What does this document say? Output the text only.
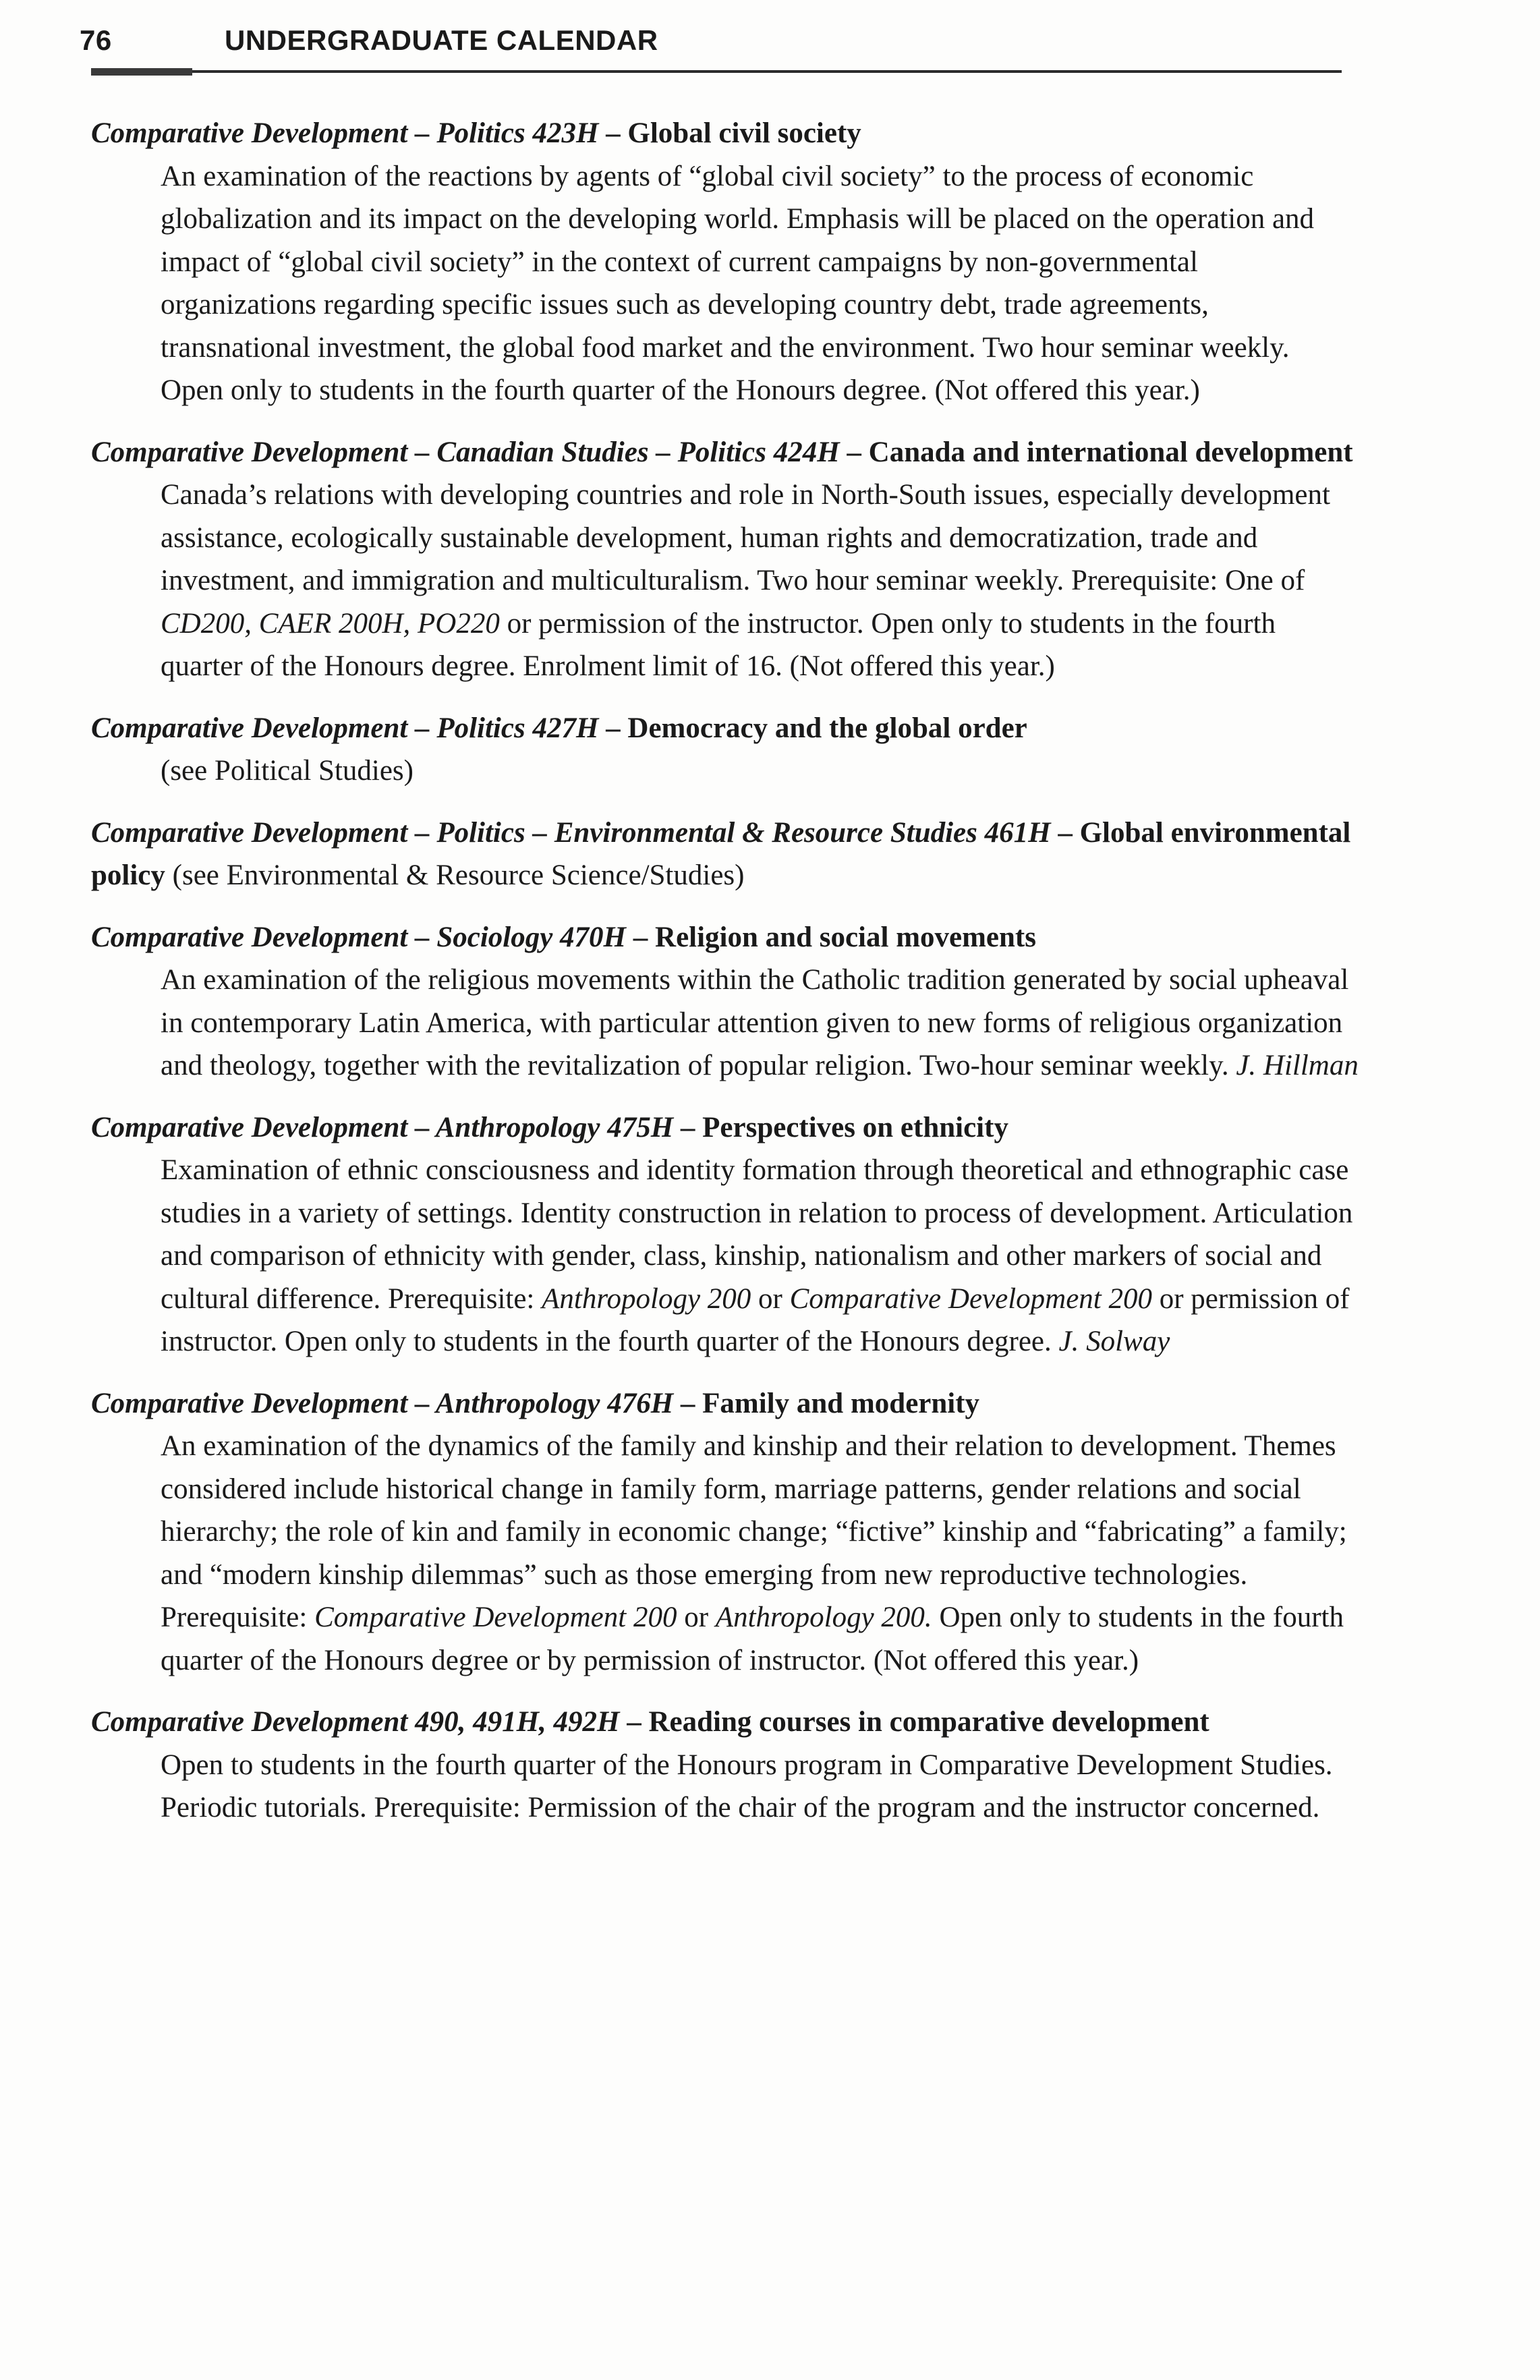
76	UNDERGRADUATE CALENDAR

Comparative Development – Politics 423H – Global civil society

An examination of the reactions by agents of “global civil society” to the process of economic globalization and its impact on the developing world. Emphasis will be placed on the operation and impact of “global civil society” in the context of current campaigns by non-governmental organizations regarding specific issues such as developing country debt, trade agreements, transnational investment, the global food market and the environment. Two hour seminar weekly. Open only to students in the fourth quarter of the Honours degree. (Not offered this year.)

Comparative Development – Canadian Studies – Politics 424H – Canada and international development

Canada’s relations with developing countries and role in North-South issues, especially development assistance, ecologically sustainable development, human rights and democratization, trade and investment, and immigration and multiculturalism. Two hour seminar weekly. Prerequisite: One of CD200, CAER 200H, PO220 or permission of the instructor. Open only to students in the fourth quarter of the Honours degree. Enrolment limit of 16. (Not offered this year.)

Comparative Development – Politics 427H – Democracy and the global order

(see Political Studies)

Comparative Development – Politics – Environmental & Resource Studies 461H – Global environmental policy (see Environmental & Resource Science/Studies)

Comparative Development – Sociology 470H – Religion and social movements

An examination of the religious movements within the Catholic tradition generated by social upheaval in contemporary Latin America, with particular attention given to new forms of religious organization and theology, together with the revitalization of popular religion. Two-hour seminar weekly. J. Hillman

Comparative Development – Anthropology 475H – Perspectives on ethnicity

Examination of ethnic consciousness and identity formation through theoretical and ethnographic case studies in a variety of settings. Identity construction in relation to process of development. Articulation and comparison of ethnicity with gender, class, kinship, nationalism and other markers of social and cultural difference. Prerequisite: Anthropology 200 or Comparative Development 200 or permission of instructor. Open only to students in the fourth quarter of the Honours degree. J. Solway

Comparative Development – Anthropology 476H – Family and modernity

An examination of the dynamics of the family and kinship and their relation to development. Themes considered include historical change in family form, marriage patterns, gender relations and social hierarchy; the role of kin and family in economic change; “fictive” kinship and “fabricating” a family; and “modern kinship dilemmas” such as those emerging from new reproductive technologies. Prerequisite: Comparative Development 200 or Anthropology 200. Open only to students in the fourth quarter of the Honours degree or by permission of instructor. (Not offered this year.)

Comparative Development 490, 491H, 492H – Reading courses in comparative development

Open to students in the fourth quarter of the Honours program in Comparative Development Studies. Periodic tutorials. Prerequisite: Permission of the chair of the program and the instructor concerned.
